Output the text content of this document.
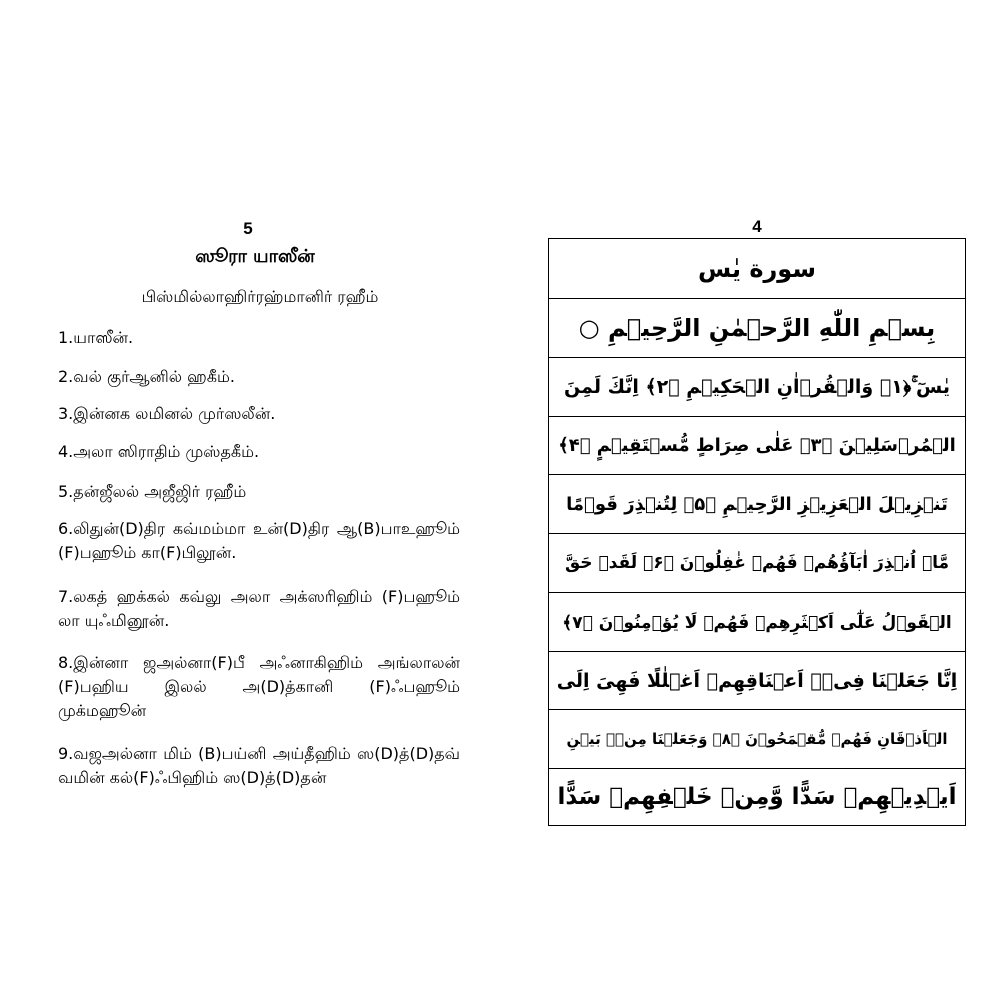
5
ஸூரா யாஸீன்
பிஸ்மில்லாஹிர்ரஹ்மானிர் ரஹீம்
1.யாஸீன்.
2.வல் குர்ஆனில் ஹகீம்.
3.இன்னக லமினல் முர்ஸலீன்.
4.அலா ஸிராதிம் முஸ்தகீம்.
5.தன்ஜீலல் அஜீஜிர் ரஹீம்
6.லிதுன்(D)திர கவ்மம்மா உன்(D)திர ஆ(B)பாஉஹூம் (F)பஹூம் கா(F)பிலூன்.
7.லகத் ஹக்கல் கவ்லு அலா அக்ஸரிஹிம் (F)பஹூம் லா யுஃமினூன்.
8.இன்னா ஜஅல்னா(F)பீ அஃனாகிஹிம் அங்லாலன் (F)பஹிய இலல் அ(D)த்கானி (F)ஃபஹூம் முக்மஹூன்
9.வஜஅல்னா மிம் (B)பய்னி அய்தீஹிம் ஸ(D)த்(D)தவ் வமின் கல்(F)ஃபிஹிம் ஸ(D)த்(D)தன்
4
سورة يٰس
بِسۡمِ اللّٰهِ الرَّحۡمٰنِ الرَّحِيۡمِ ○
يٰسٓ ۚ﴿۱﴾ وَالۡقُرۡاٰنِ الۡحَكِيۡمِ ﴿۲﴾ اِنَّكَ لَمِنَ
الۡمُرۡسَلِيۡنَ ﴿۳﴾ عَلٰى صِرَاطٍ مُّسۡتَقِيۡمٍ ﴿۴﴾
تَنۡزِيۡلَ الۡعَزِيۡزِ الرَّحِيۡمِ ﴿۵﴾ لِتُنۡذِرَ قَوۡمًا
مَّاۤ اُنۡذِرَ اٰبَآؤُهُمۡ فَهُمۡ غٰفِلُوۡنَ ﴿۶﴾ لَقَدۡ حَقَّ
الۡقَوۡلُ عَلٰٓى اَكۡثَرِهِمۡ فَهُمۡ لَا يُؤۡمِنُوۡنَ ﴿۷﴾
اِنَّا جَعَلۡنَا فِىۡۤ اَعۡنَاقِهِمۡ اَغۡلٰلًا فَهِىَ اِلَى
الۡاَذۡقَانِ فَهُمۡ مُّقۡمَحُوۡنَ ﴿۸﴾ وَجَعَلۡنَا مِنۡۢ بَيۡنِ
اَيۡدِيۡهِمۡ سَدًّا وَّمِنۡ خَلۡفِهِمۡ سَدًّا
